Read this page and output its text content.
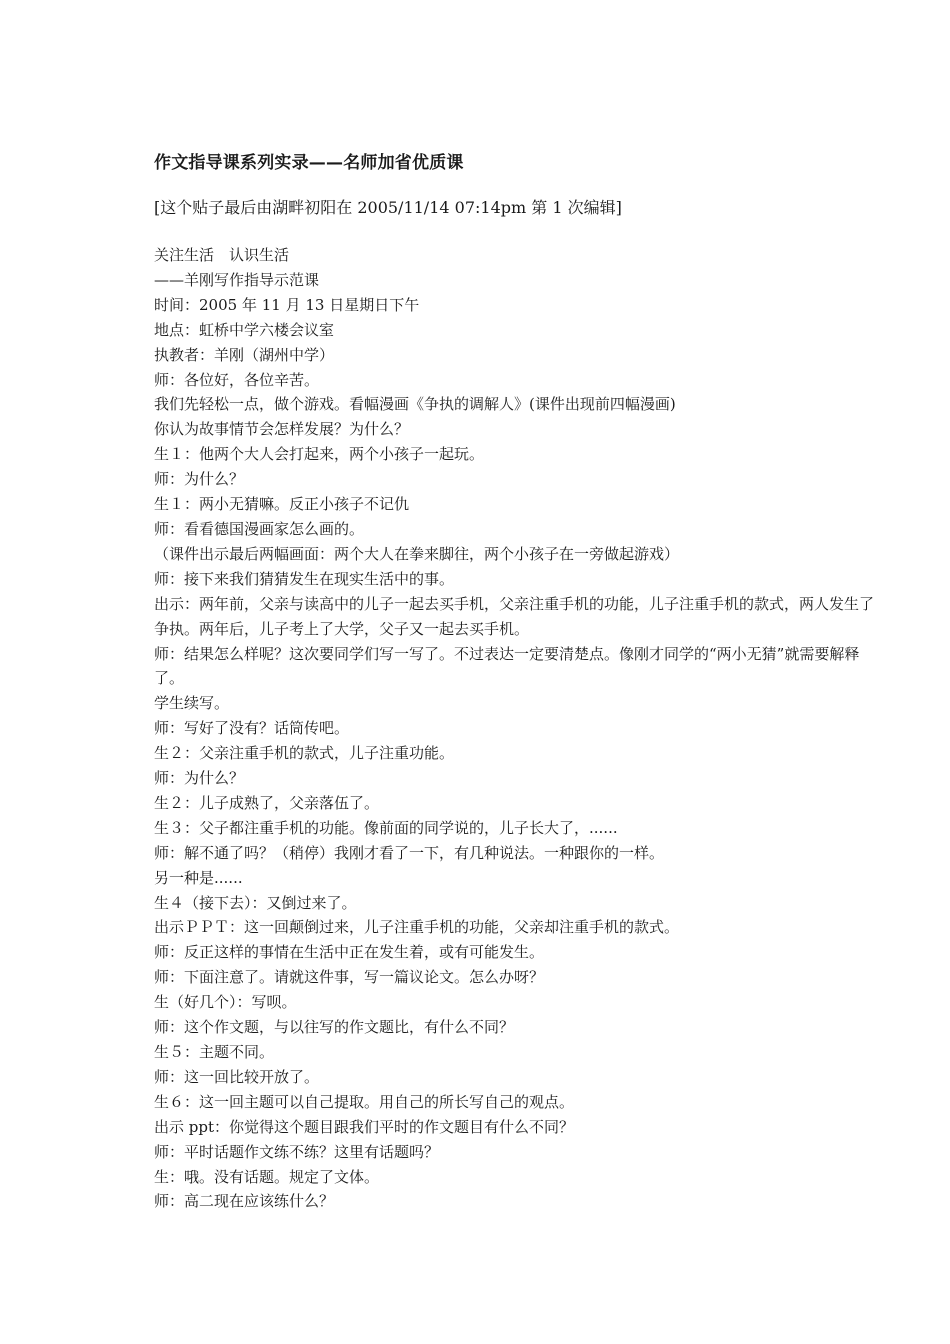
作文指导课系列实录——名师加省优质课
[这个贴子最后由湖畔初阳在 2005/11/14 07:14pm 第 1 次编辑]

关注生活　认识生活

——羊刚写作指导示范课

时间：2005 年 11 月 13 日星期日下午

地点：虹桥中学六楼会议室

执教者：羊刚（湖州中学）

师：各位好，各位辛苦。

我们先轻松一点，做个游戏。看幅漫画《争执的调解人》(课件出现前四幅漫画)

你认为故事情节会怎样发展？为什么？

生１：他两个大人会打起来，两个小孩子一起玩。

师：为什么？

生１：两小无猜嘛。反正小孩子不记仇

师：看看德国漫画家怎么画的。

（课件出示最后两幅画面：两个大人在拳来脚往，两个小孩子在一旁做起游戏）

师：接下来我们猜猜发生在现实生活中的事。

出示：两年前，父亲与读高中的儿子一起去买手机，父亲注重手机的功能，儿子注重手机的款式，两人发生了争执。两年后，儿子考上了大学，父子又一起去买手机。

师：结果怎么样呢？这次要同学们写一写了。不过表达一定要清楚点。像刚才同学的“两小无猜”就需要解释了。

学生续写。

师：写好了没有？话筒传吧。

生２：父亲注重手机的款式，儿子注重功能。

师：为什么？

生２：儿子成熟了，父亲落伍了。

生３：父子都注重手机的功能。像前面的同学说的，儿子长大了，......

师：解不通了吗？（稍停）我刚才看了一下，有几种说法。一种跟你的一样。

另一种是......

生４（接下去）：又倒过来了。

出示ＰＰＴ：这一回颠倒过来，儿子注重手机的功能，父亲却注重手机的款式。

师：反正这样的事情在生活中正在发生着，或有可能发生。

师：下面注意了。请就这件事，写一篇议论文。怎么办呀？

生（好几个）：写呗。

师：这个作文题，与以往写的作文题比，有什么不同？

生５：主题不同。

师：这一回比较开放了。

生６：这一回主题可以自己提取。用自己的所长写自己的观点。

出示 ppt：你觉得这个题目跟我们平时的作文题目有什么不同？

师：平时话题作文练不练？这里有话题吗？

生：哦。没有话题。规定了文体。

师：高二现在应该练什么？
